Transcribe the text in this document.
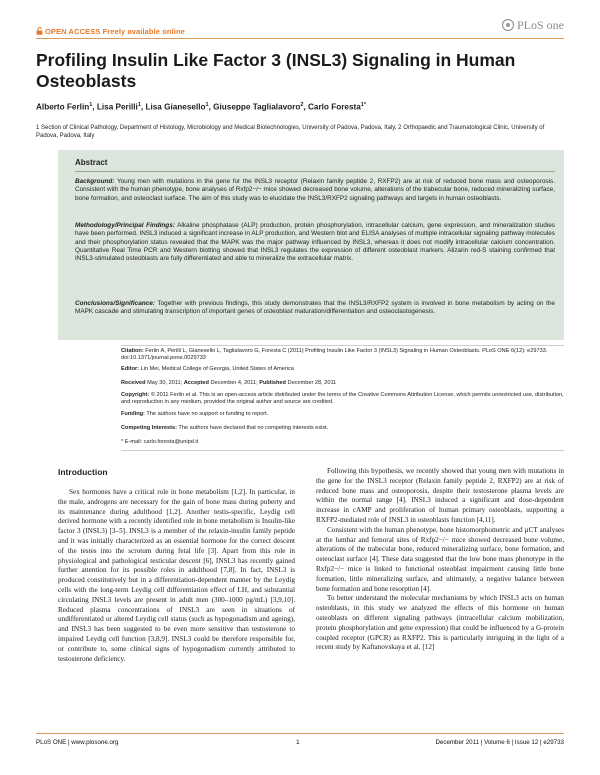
OPEN ACCESS Freely available online	PLoS one
Profiling Insulin Like Factor 3 (INSL3) Signaling in Human Osteoblasts
Alberto Ferlin$^1$, Lisa Perilli$^1$, Lisa Gianesello$^1$, Giuseppe Taglialavoro$^2$, Carlo Foresta$^{1*}$
1 Section of Clinical Pathology, Department of Histology, Microbiology and Medical Biotechnologies, University of Padova, Padova, Italy, 2 Orthopaedic and Traumatological Clinic, University of Padova, Padova, Italy
Abstract
Background: Young men with mutations in the gene for the INSL3 receptor (Relaxin family peptide 2, RXFP2) are at risk of reduced bone mass and osteoporosis. Consistent with the human phenotype, bone analyses of Rxfp2−/− mice showed decreased bone volume, alterations of the trabecular bone, reduced mineralizing surface, bone formation, and osteoclast surface. The aim of this study was to elucidate the INSL3/RXFP2 signaling pathways and targets in human osteoblasts.
Methodology/Principal Findings: Alkaline phosphatase (ALP) production, protein phosphorylation, intracellular calcium, gene expression, and mineralization studies have been performed. INSL3 induced a significant increase in ALP production, and Western blot and ELISA analyses of multiple intracellular signaling pathway molecules and their phosphorylation status revealed that the MAPK was the major pathway influenced by INSL3, whereas it does not modify intracellular calcium concentration. Quantitative Real Time PCR and Western blotting showed that INSL3 regulates the expression of different osteoblast markers. Alizarin red-S staining confirmed that INSL3-stimulated osteoblasts are fully differentiated and able to mineralize the extracellular matrix.
Conclusions/Significance: Together with previous findings, this study demonstrates that the INSL3/RXFP2 system is involved in bone metabolism by acting on the MAPK cascade and stimulating transcription of important genes of osteoblast maturation/differentiation and osteoclastogenesis.
Citation: Ferlin A, Perilli L, Gianesello L, Taglialavoro G, Foresta C (2011) Profiling Insulin Like Factor 3 (INSL3) Signaling in Human Osteoblasts. PLoS ONE 6(12): e29733. doi:10.1371/journal.pone.0029733
Editor: Lin Mei, Medical College of Georgia, United States of America
Received May 30, 2011; Accepted December 4, 2011; Published December 28, 2011
Copyright: © 2011 Ferlin et al. This is an open-access article distributed under the terms of the Creative Commons Attribution License, which permits unrestricted use, distribution, and reproduction in any medium, provided the original author and source are credited.
Funding: The authors have no support or funding to report.
Competing Interests: The authors have declared that no competing interests exist.
* E-mail: carlo.foresta@unipd.it
Introduction

Sex hormones have a critical role in bone metabolism [1,2]. In particular, in the male, androgens are necessary for the gain of bone mass during puberty and its maintenance during adulthood [1,2]. Another testis-specific, Leydig cell derived hormone with a recently identified role in bone metabolism is Insulin-like factor 3 (INSL3) [3–5]. INSL3 is a member of the relaxin-insulin family peptide and it was initially characterized as an essential hormone for the correct descent of the testes into the scrotum during fetal life [3]. Apart from this role in physiological and pathological testicular descent [6], INSL3 has recently gained further attention for its possible roles in adulthood [7,8]. In fact, INSL3 is produced constitutively but in a differentiation-dependent manner by the Leydig cells with the long-term Leydig cell differentiation effect of LH, and substantial circulating INSL3 levels are present in adult men (300–1000 pg/mL) [3,9,10]. Reduced plasma concentrations of INSL3 are seen in situations of undifferentiated or altered Leydig cell status (such as hypogonadism and ageing), and INSL3 has been suggested to be even more sensitive than testosterone to impaired Leydig cell function [3,8,9]. INSL3 could be therefore responsible for, or contribute to, some clinical signs of hypogonadism currently attributed to testosterone deficiency.

Following this hypothesis, we recently showed that young men with mutations in the gene for the INSL3 receptor (Relaxin family peptide 2, RXFP2) are at risk of reduced bone mass and osteoporosis, despite their testosterone plasma levels are within the normal range [4]. INSL3 induced a significant and dose-dependent increase in cAMP and proliferation of human primary osteoblasts, supporting a RXFP2-mediated role of INSL3 in osteoblasts function [4,11].

Consistent with the human phenotype, bone histomorphometric and µCT analyses at the lumbar and femoral sites of Rxfp2−/− mice showed decreased bone volume, alterations of the trabecular bone, reduced mineralizing surface, bone formation, and osteoclast surface [4]. These data suggested that the low bone mass phenotype in the Rxfp2−/− mice is linked to functional osteoblast impairment causing little bone formation, little mineralizing surface, and ultimately, a negative balance between bone formation and bone resorption [4].

To better understand the molecular mechanisms by which INSL3 acts on human osteoblasts, in this study we analyzed the effects of this hormone on human osteoblasts on different signaling pathways (intracellular calcium mobilization, protein phosphorylation and gene expression) that could be influenced by a G-protein coupled receptor (GPCR) as RXFP2. This is particularly intriguing in the light of a recent study by Kaftanovskaya et al. [12]

PLoS ONE | www.plosone.org	1	December 2011 | Volume 6 | Issue 12 | e29733
